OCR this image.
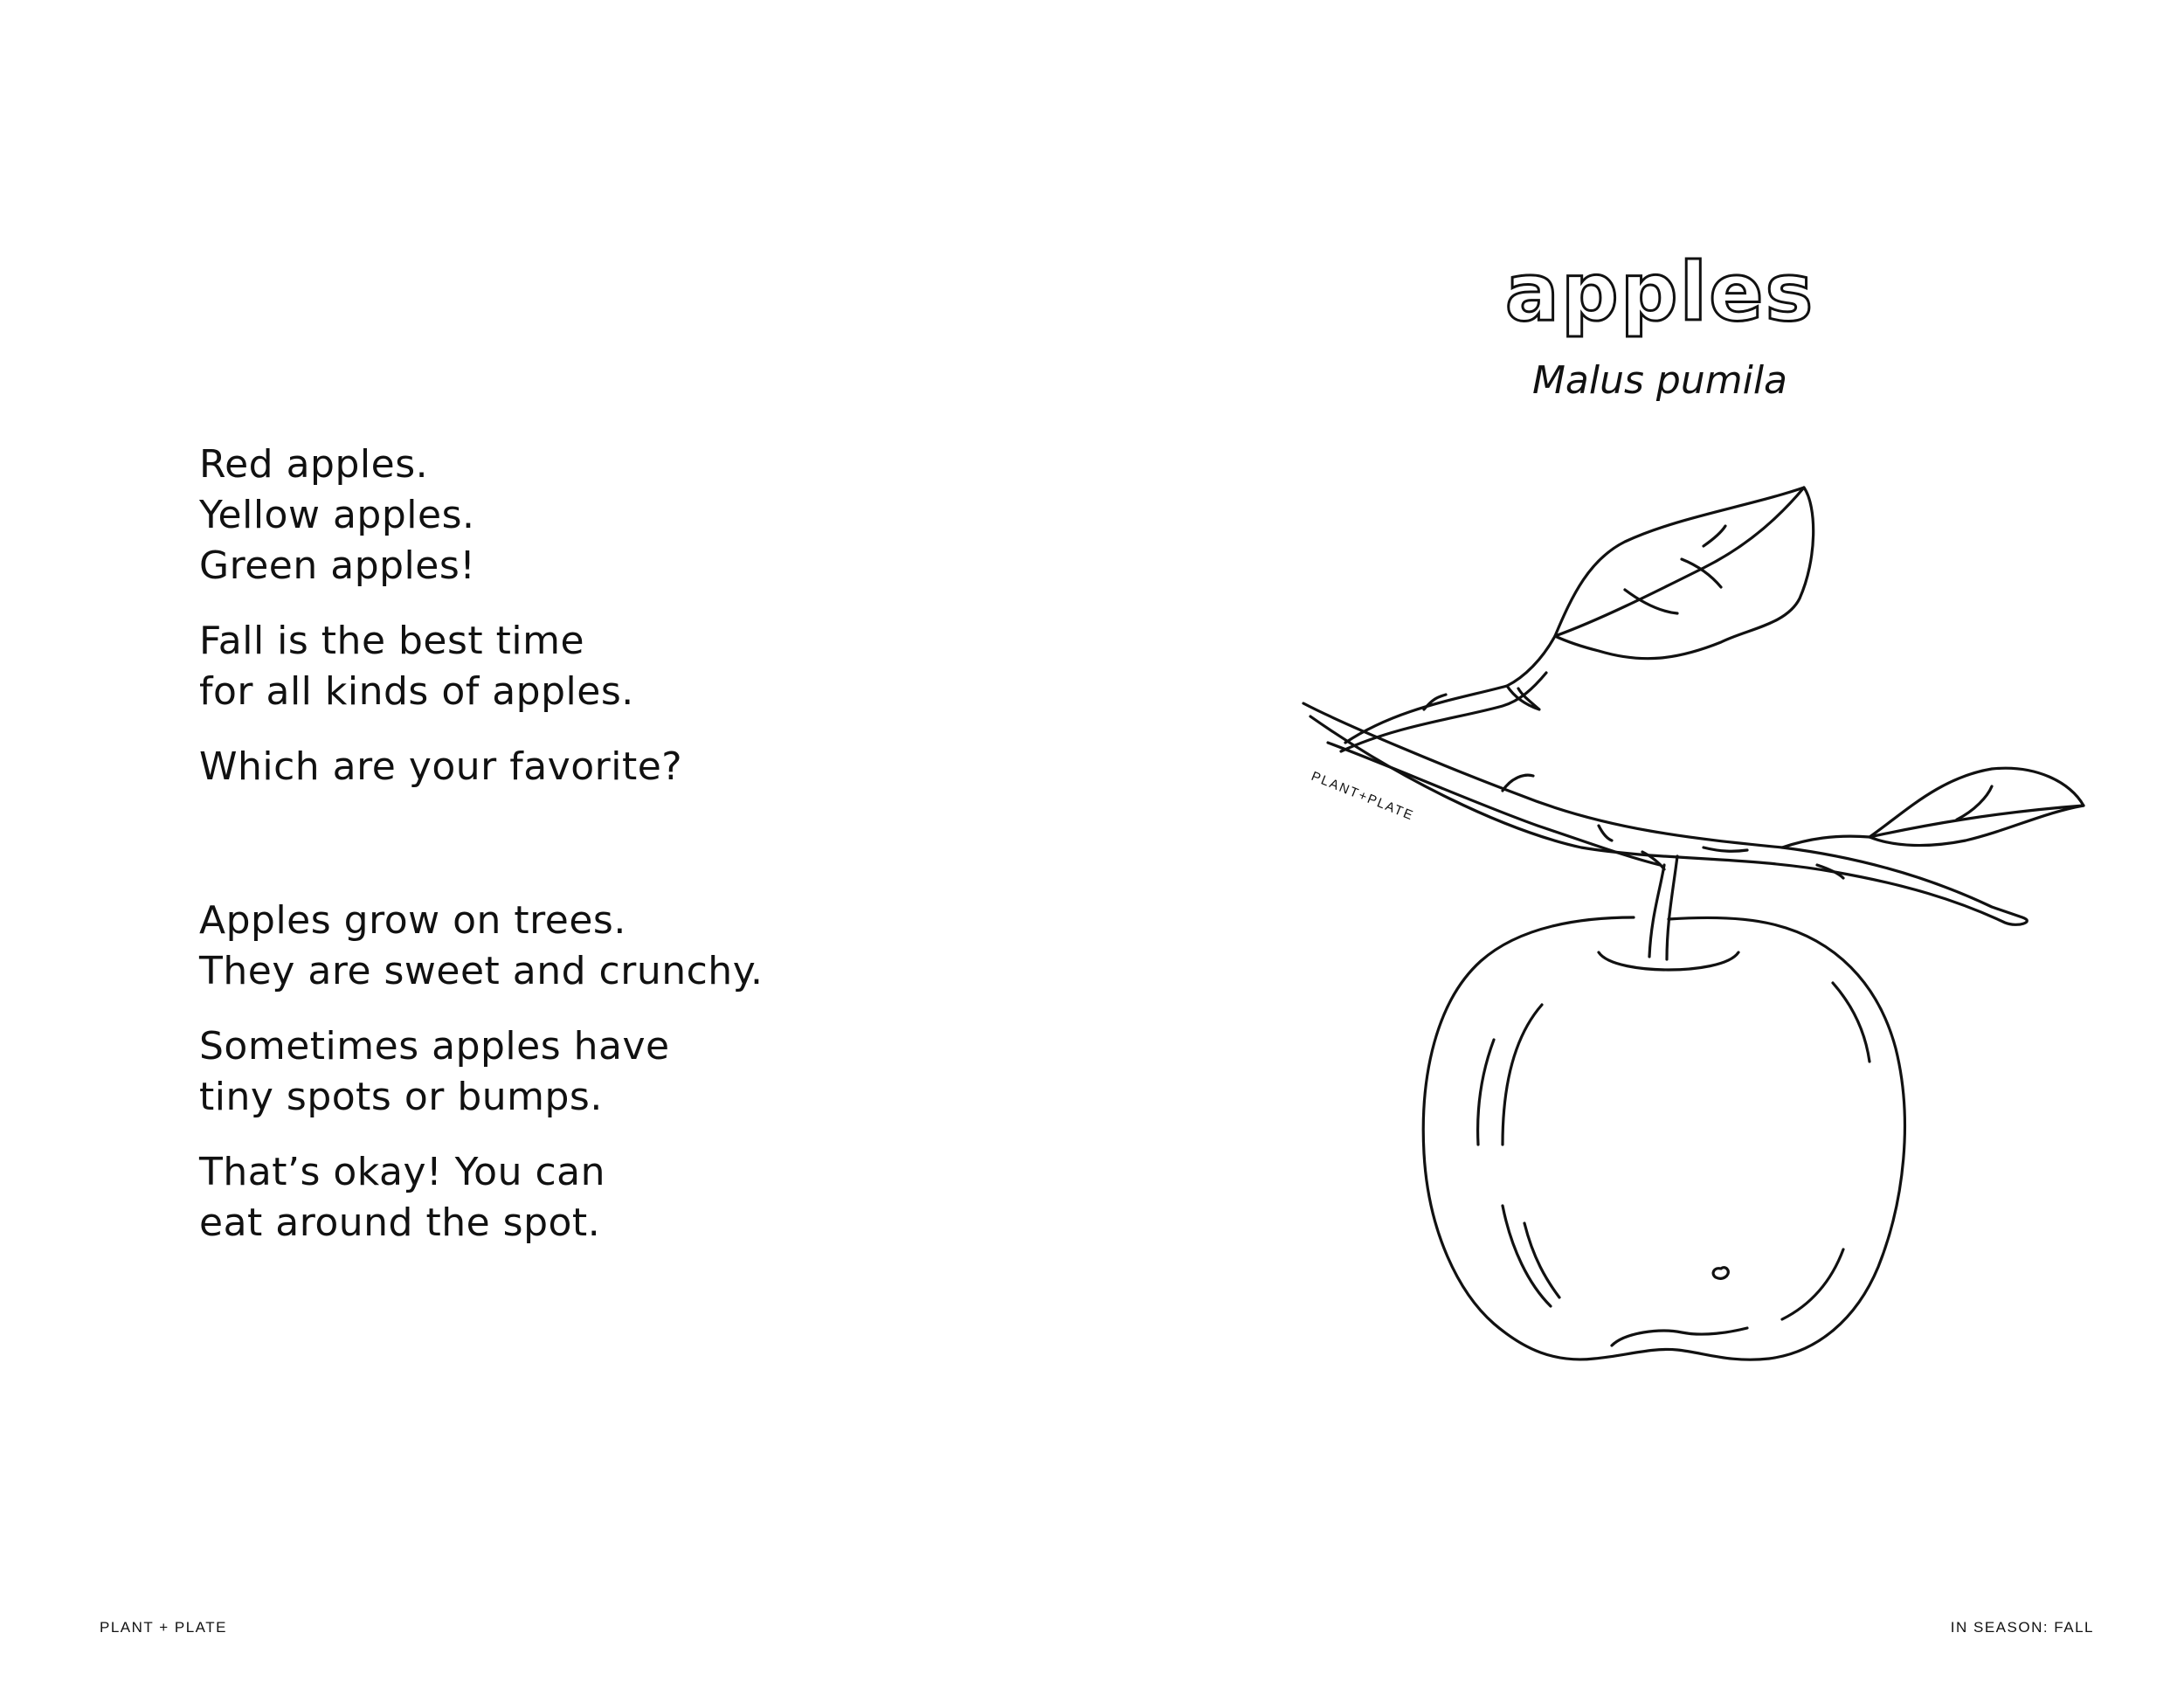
Red apples.
Yellow apples.
Green apples!
Fall is the best time
for all kinds of apples.
Which are your favorite?
Apples grow on trees.
They are sweet and crunchy.
Sometimes apples have
tiny spots or bumps.
That’s okay! You can
eat around the spot.
apples
Malus pumila
PLANT+PLATE
PLANT + PLATE	IN SEASON: FALL
